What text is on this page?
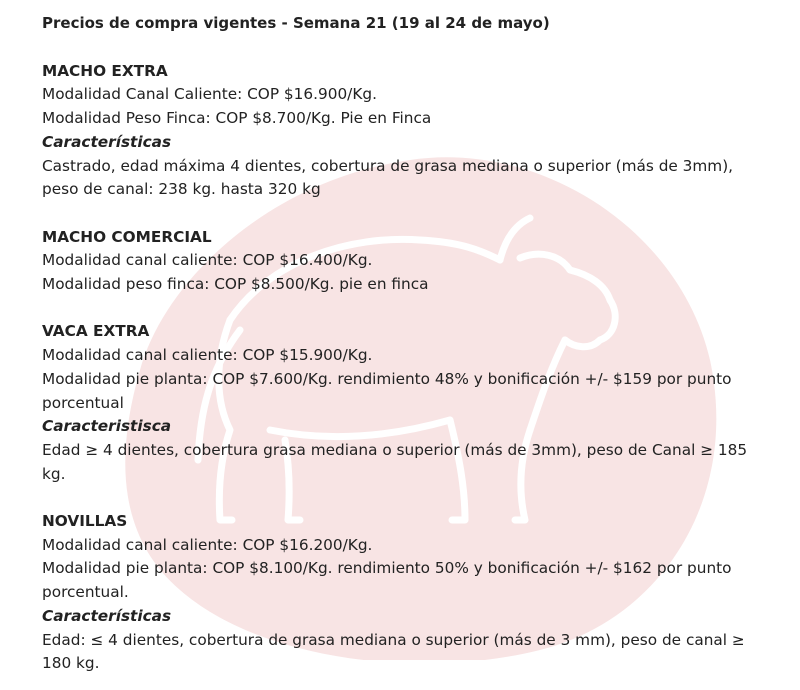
Precios de compra vigentes - Semana 21 (19 al 24 de mayo)
MACHO EXTRA
Modalidad Canal Caliente: COP $16.900/Kg.
Modalidad Peso Finca: COP $8.700/Kg. Pie en Finca
Características
Castrado, edad máxima 4 dientes, cobertura de grasa mediana o superior (más de 3mm), peso de canal: 238 kg. hasta 320 kg
MACHO COMERCIAL
Modalidad canal caliente: COP $16.400/Kg.
Modalidad peso finca: COP $8.500/Kg. pie en finca
VACA EXTRA
Modalidad canal caliente: COP $15.900/Kg.
Modalidad pie planta: COP $7.600/Kg. rendimiento 48% y bonificación +/- $159 por punto porcentual
Caracteristisca
Edad ≥ 4 dientes, cobertura grasa mediana o superior (más de 3mm), peso de Canal ≥ 185 kg.
NOVILLAS
Modalidad canal caliente: COP $16.200/Kg.
Modalidad pie planta: COP $8.100/Kg. rendimiento 50% y bonificación +/- $162 por punto porcentual.
Características
Edad: ≤ 4 dientes, cobertura de grasa mediana o superior (más de 3 mm), peso de canal ≥ 180 kg.
